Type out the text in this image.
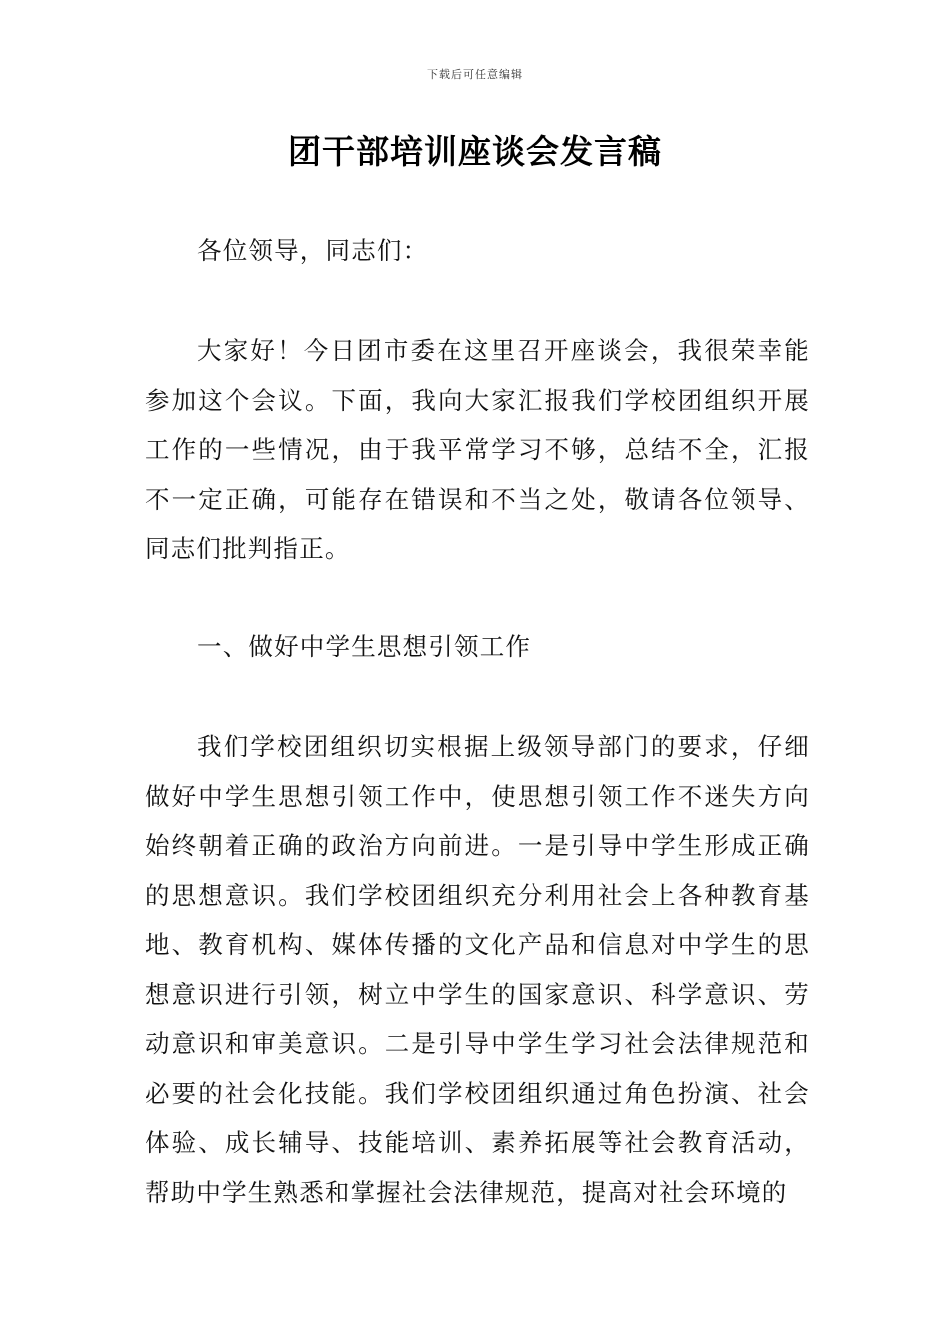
下载后可任意编辑
团干部培训座谈会发言稿

各位领导，同志们：

大家好！今日团市委在这里召开座谈会，我很荣幸能参加这个会议。下面，我向大家汇报我们学校团组织开展工作的一些情况，由于我平常学习不够，总结不全，汇报不一定正确，可能存在错误和不当之处，敬请各位领导、同志们批判指正。

一、做好中学生思想引领工作

我们学校团组织切实根据上级领导部门的要求，仔细做好中学生思想引领工作中，使思想引领工作不迷失方向始终朝着正确的政治方向前进。一是引导中学生形成正确的思想意识。我们学校团组织充分利用社会上各种教育基地、教育机构、媒体传播的文化产品和信息对中学生的思想意识进行引领，树立中学生的国家意识、科学意识、劳动意识和审美意识。二是引导中学生学习社会法律规范和必要的社会化技能。我们学校团组织通过角色扮演、社会体验、成长辅导、技能培训、素养拓展等社会教育活动，帮助中学生熟悉和掌握社会法律规范，提高对社会环境的
